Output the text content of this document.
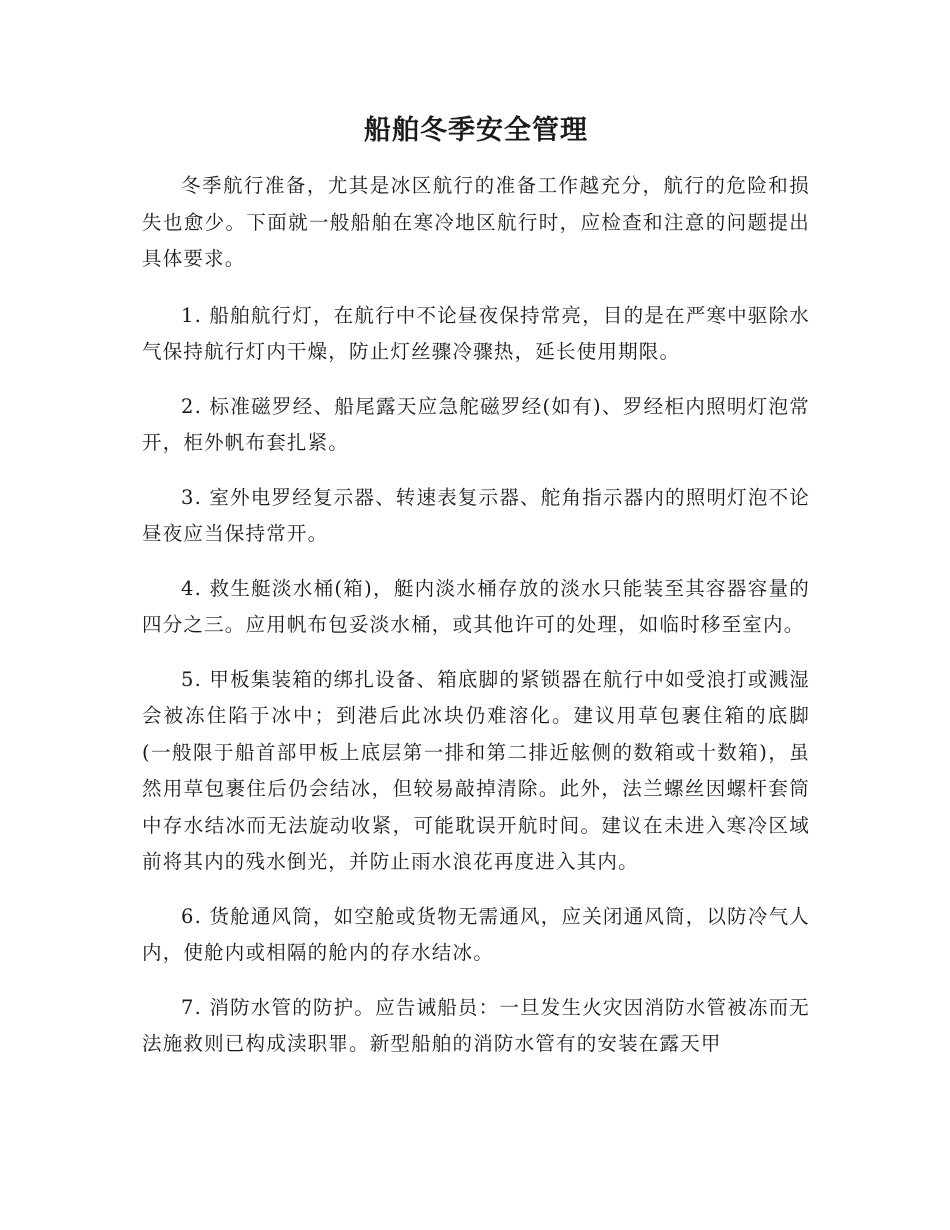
船舶冬季安全管理

冬季航行准备，尤其是冰区航行的准备工作越充分，航行的危险和损失也愈少。下面就一般船舶在寒冷地区航行时，应检查和注意的问题提出具体要求。

1. 船舶航行灯，在航行中不论昼夜保持常亮，目的是在严寒中驱除水气保持航行灯内干燥，防止灯丝骤冷骤热，延长使用期限。

2. 标准磁罗经、船尾露天应急舵磁罗经(如有)、罗经柜内照明灯泡常开，柜外帆布套扎紧。

3. 室外电罗经复示器、转速表复示器、舵角指示器内的照明灯泡不论昼夜应当保持常开。

4. 救生艇淡水桶(箱)，艇内淡水桶存放的淡水只能装至其容器容量的四分之三。应用帆布包妥淡水桶，或其他许可的处理，如临时移至室内。

5. 甲板集装箱的绑扎设备、箱底脚的紧锁器在航行中如受浪打或溅湿会被冻住陷于冰中；到港后此冰块仍难溶化。建议用草包裹住箱的底脚(一般限于船首部甲板上底层第一排和第二排近舷侧的数箱或十数箱)，虽然用草包裹住后仍会结冰，但较易敲掉清除。此外，法兰螺丝因螺杆套筒中存水结冰而无法旋动收紧，可能耽误开航时间。建议在未进入寒冷区域前将其内的残水倒光，并防止雨水浪花再度进入其内。

6. 货舱通风筒，如空舱或货物无需通风，应关闭通风筒，以防冷气人内，使舱内或相隔的舱内的存水结冰。

7. 消防水管的防护。应告诫船员：一旦发生火灾因消防水管被冻而无法施救则已构成渎职罪。新型船舶的消防水管有的安装在露天甲
